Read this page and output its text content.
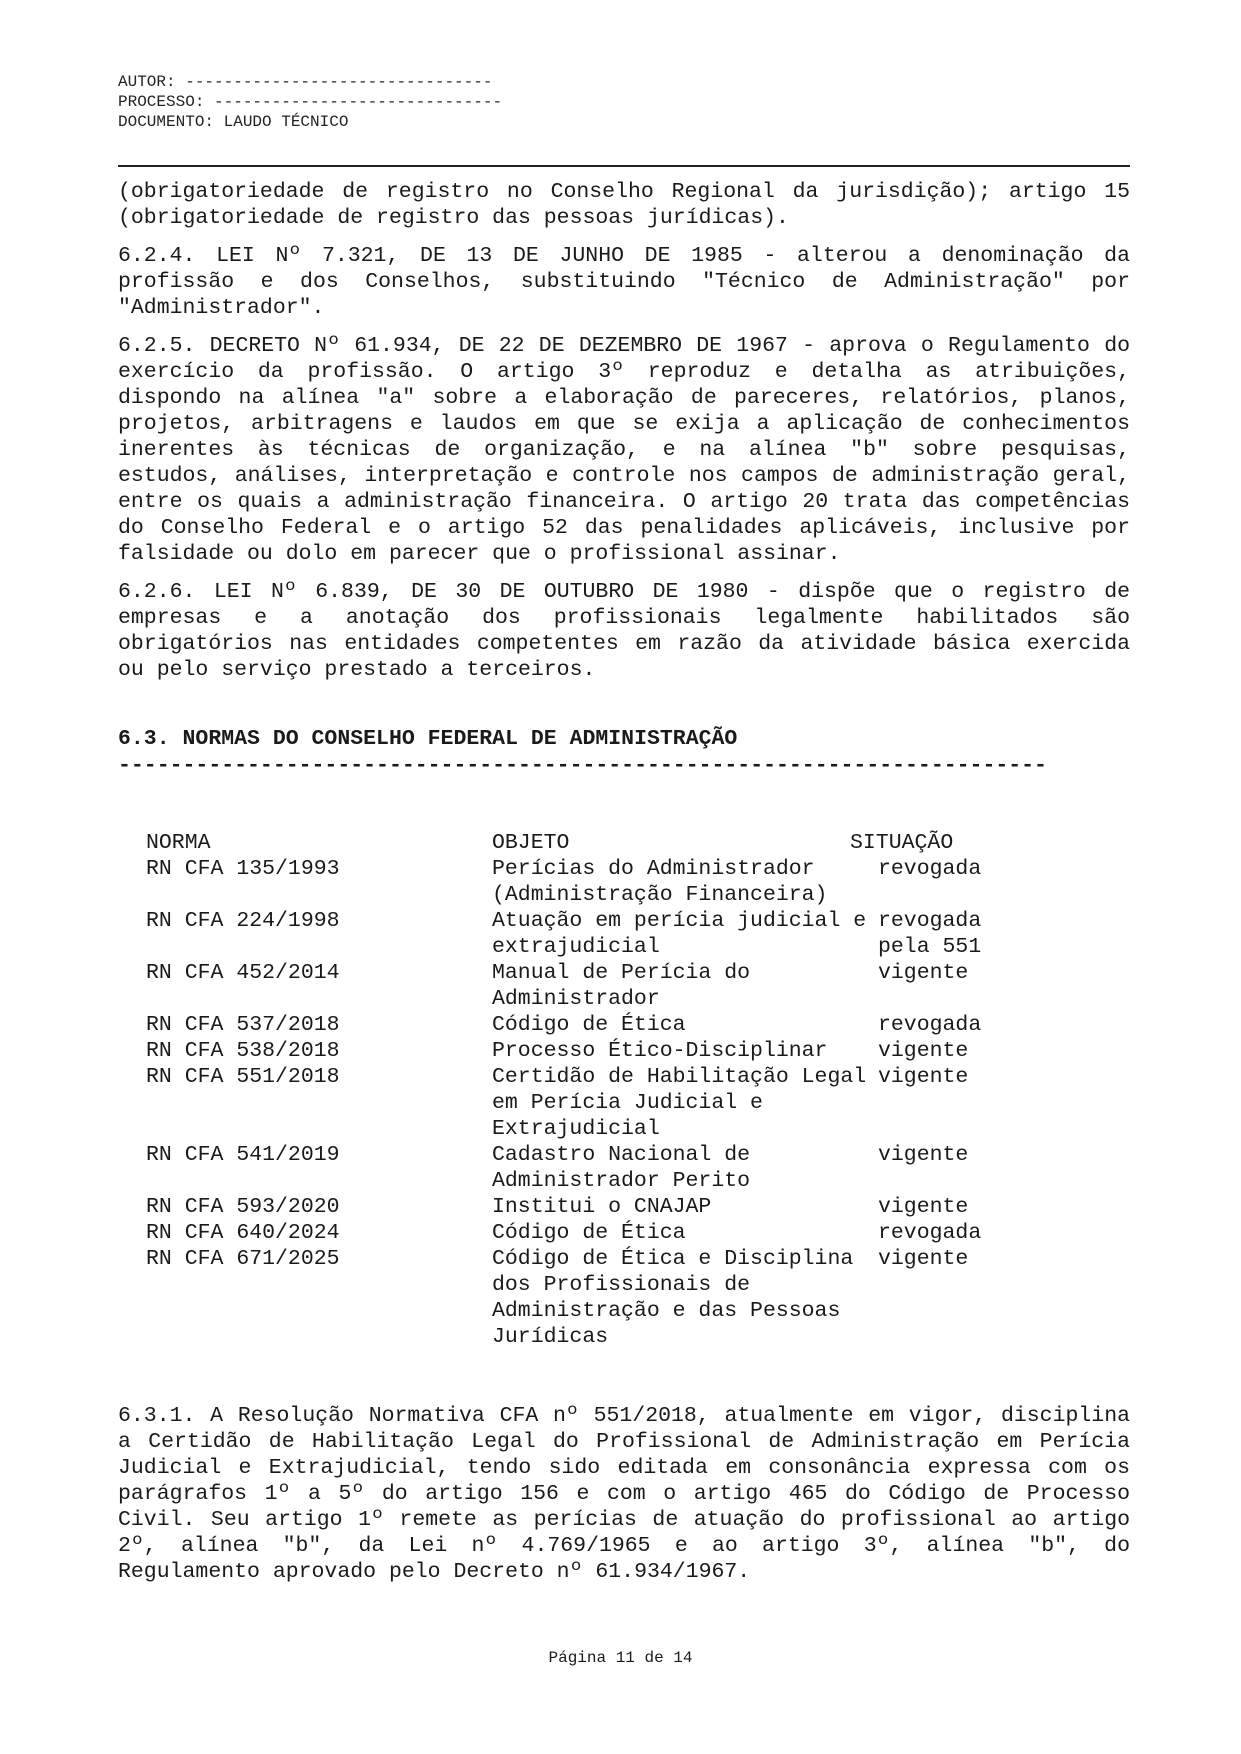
AUTOR: --------------------------------
PROCESSO: ------------------------------
DOCUMENTO: LAUDO TÉCNICO

(obrigatoriedade de registro no Conselho Regional da jurisdição); artigo 15 (obrigatoriedade de registro das pessoas jurídicas).

6.2.4. LEI Nº 7.321, DE 13 DE JUNHO DE 1985 - alterou a denominação da profissão e dos Conselhos, substituindo "Técnico de Administração" por "Administrador".

6.2.5. DECRETO Nº 61.934, DE 22 DE DEZEMBRO DE 1967 - aprova o Regulamento do exercício da profissão. O artigo 3º reproduz e detalha as atribuições, dispondo na alínea "a" sobre a elaboração de pareceres, relatórios, planos, projetos, arbitragens e laudos em que se exija a aplicação de conhecimentos inerentes às técnicas de organização, e na alínea "b" sobre pesquisas, estudos, análises, interpretação e controle nos campos de administração geral, entre os quais a administração financeira. O artigo 20 trata das competências do Conselho Federal e o artigo 52 das penalidades aplicáveis, inclusive por falsidade ou dolo em parecer que o profissional assinar.

6.2.6. LEI Nº 6.839, DE 30 DE OUTUBRO DE 1980 - dispõe que o registro de empresas e a anotação dos profissionais legalmente habilitados são obrigatórios nas entidades competentes em razão da atividade básica exercida ou pelo serviço prestado a terceiros.

6.3. NORMAS DO CONSELHO FEDERAL DE ADMINISTRAÇÃO
------------------------------------------------------------------------
NORMA	OBJETO	SITUAÇÃO
RN CFA 135/1993	Perícias do Administrador (Administração Financeira)	revogada
RN CFA 224/1998	Atuação em perícia judicial e extrajudicial	revogada pela 551
RN CFA 452/2014	Manual de Perícia do Administrador	vigente
RN CFA 537/2018	Código de Ética	revogada
RN CFA 538/2018	Processo Ético-Disciplinar	vigente
RN CFA 551/2018	Certidão de Habilitação Legal em Perícia Judicial e Extrajudicial	vigente
RN CFA 541/2019	Cadastro Nacional de Administrador Perito	vigente
RN CFA 593/2020	Institui o CNAJAP	vigente
RN CFA 640/2024	Código de Ética	revogada
RN CFA 671/2025	Código de Ética e Disciplina dos Profissionais de Administração e das Pessoas Jurídicas	vigente

6.3.1. A Resolução Normativa CFA nº 551/2018, atualmente em vigor, disciplina a Certidão de Habilitação Legal do Profissional de Administração em Perícia Judicial e Extrajudicial, tendo sido editada em consonância expressa com os parágrafos 1º a 5º do artigo 156 e com o artigo 465 do Código de Processo Civil. Seu artigo 1º remete as perícias de atuação do profissional ao artigo 2º, alínea "b", da Lei nº 4.769/1965 e ao artigo 3º, alínea "b", do Regulamento aprovado pelo Decreto nº 61.934/1967.

Página 11 de 14
